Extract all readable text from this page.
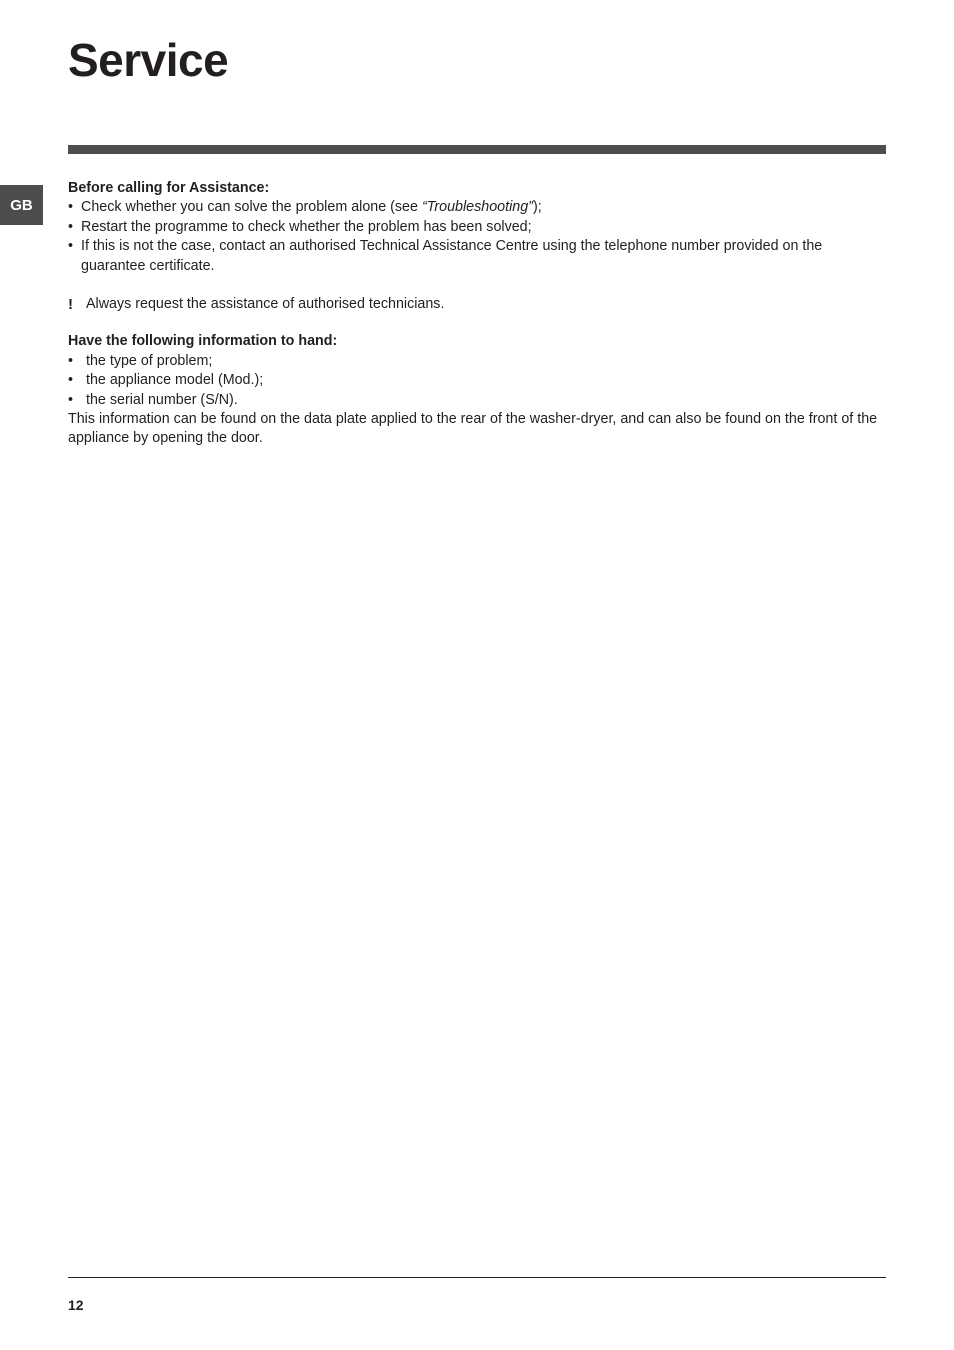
Service
GB

Before calling for Assistance:

• Check whether you can solve the problem alone (see “Troubleshooting”);
• Restart the programme to check whether the problem has been solved;
• If this is not the case, contact an authorised Technical Assistance Centre using the telephone number provided on the guarantee certificate.
! Always request the assistance of authorised technicians.

Have the following information to hand:

• the type of problem;
• the appliance model (Mod.);
• the serial number (S/N).

This information can be found on the data plate applied to the rear of the washer-dryer, and can also be found on the front of the appliance by opening the door.

12
